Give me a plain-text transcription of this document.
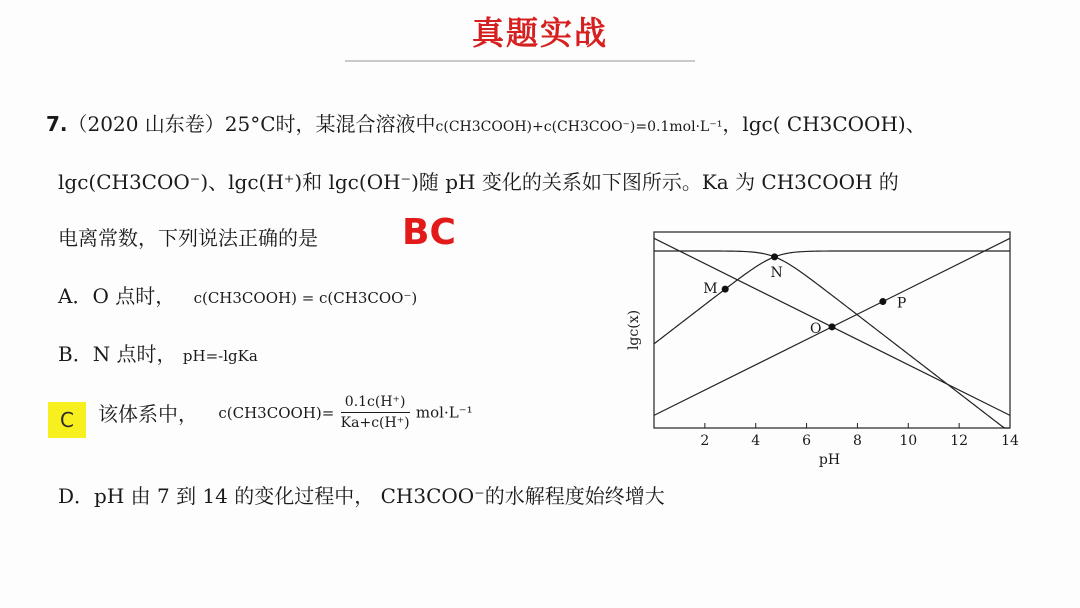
真题实战
7.（2020 山东卷）25°C时，某混合溶液中c(CH3COOH)+c(CH3COO⁻)=0.1mol·L⁻¹，lgc( CH3COOH)、
lgc(CH3COO⁻)、lgc(H⁺)和 lgc(OH⁻)随 pH 变化的关系如下图所示。Ka 为 CH3COOH 的
电离常数，下列说法正确的是 BC
A．O 点时， c(CH3COOH) = c(CH3COO⁻)
B．N 点时， pH=-lgKa
C	该体系中， c(CH3COOH)= $\frac{0.1c(H^+)}{Ka+c(H^+)} mol\cdot L^{-1}$
D．pH 由 7 到 14 的变化过程中， CH3COO⁻的水解程度始终增大
2	4	6	8	10 12 14
pH
lgc(x)
M
N
O
P
